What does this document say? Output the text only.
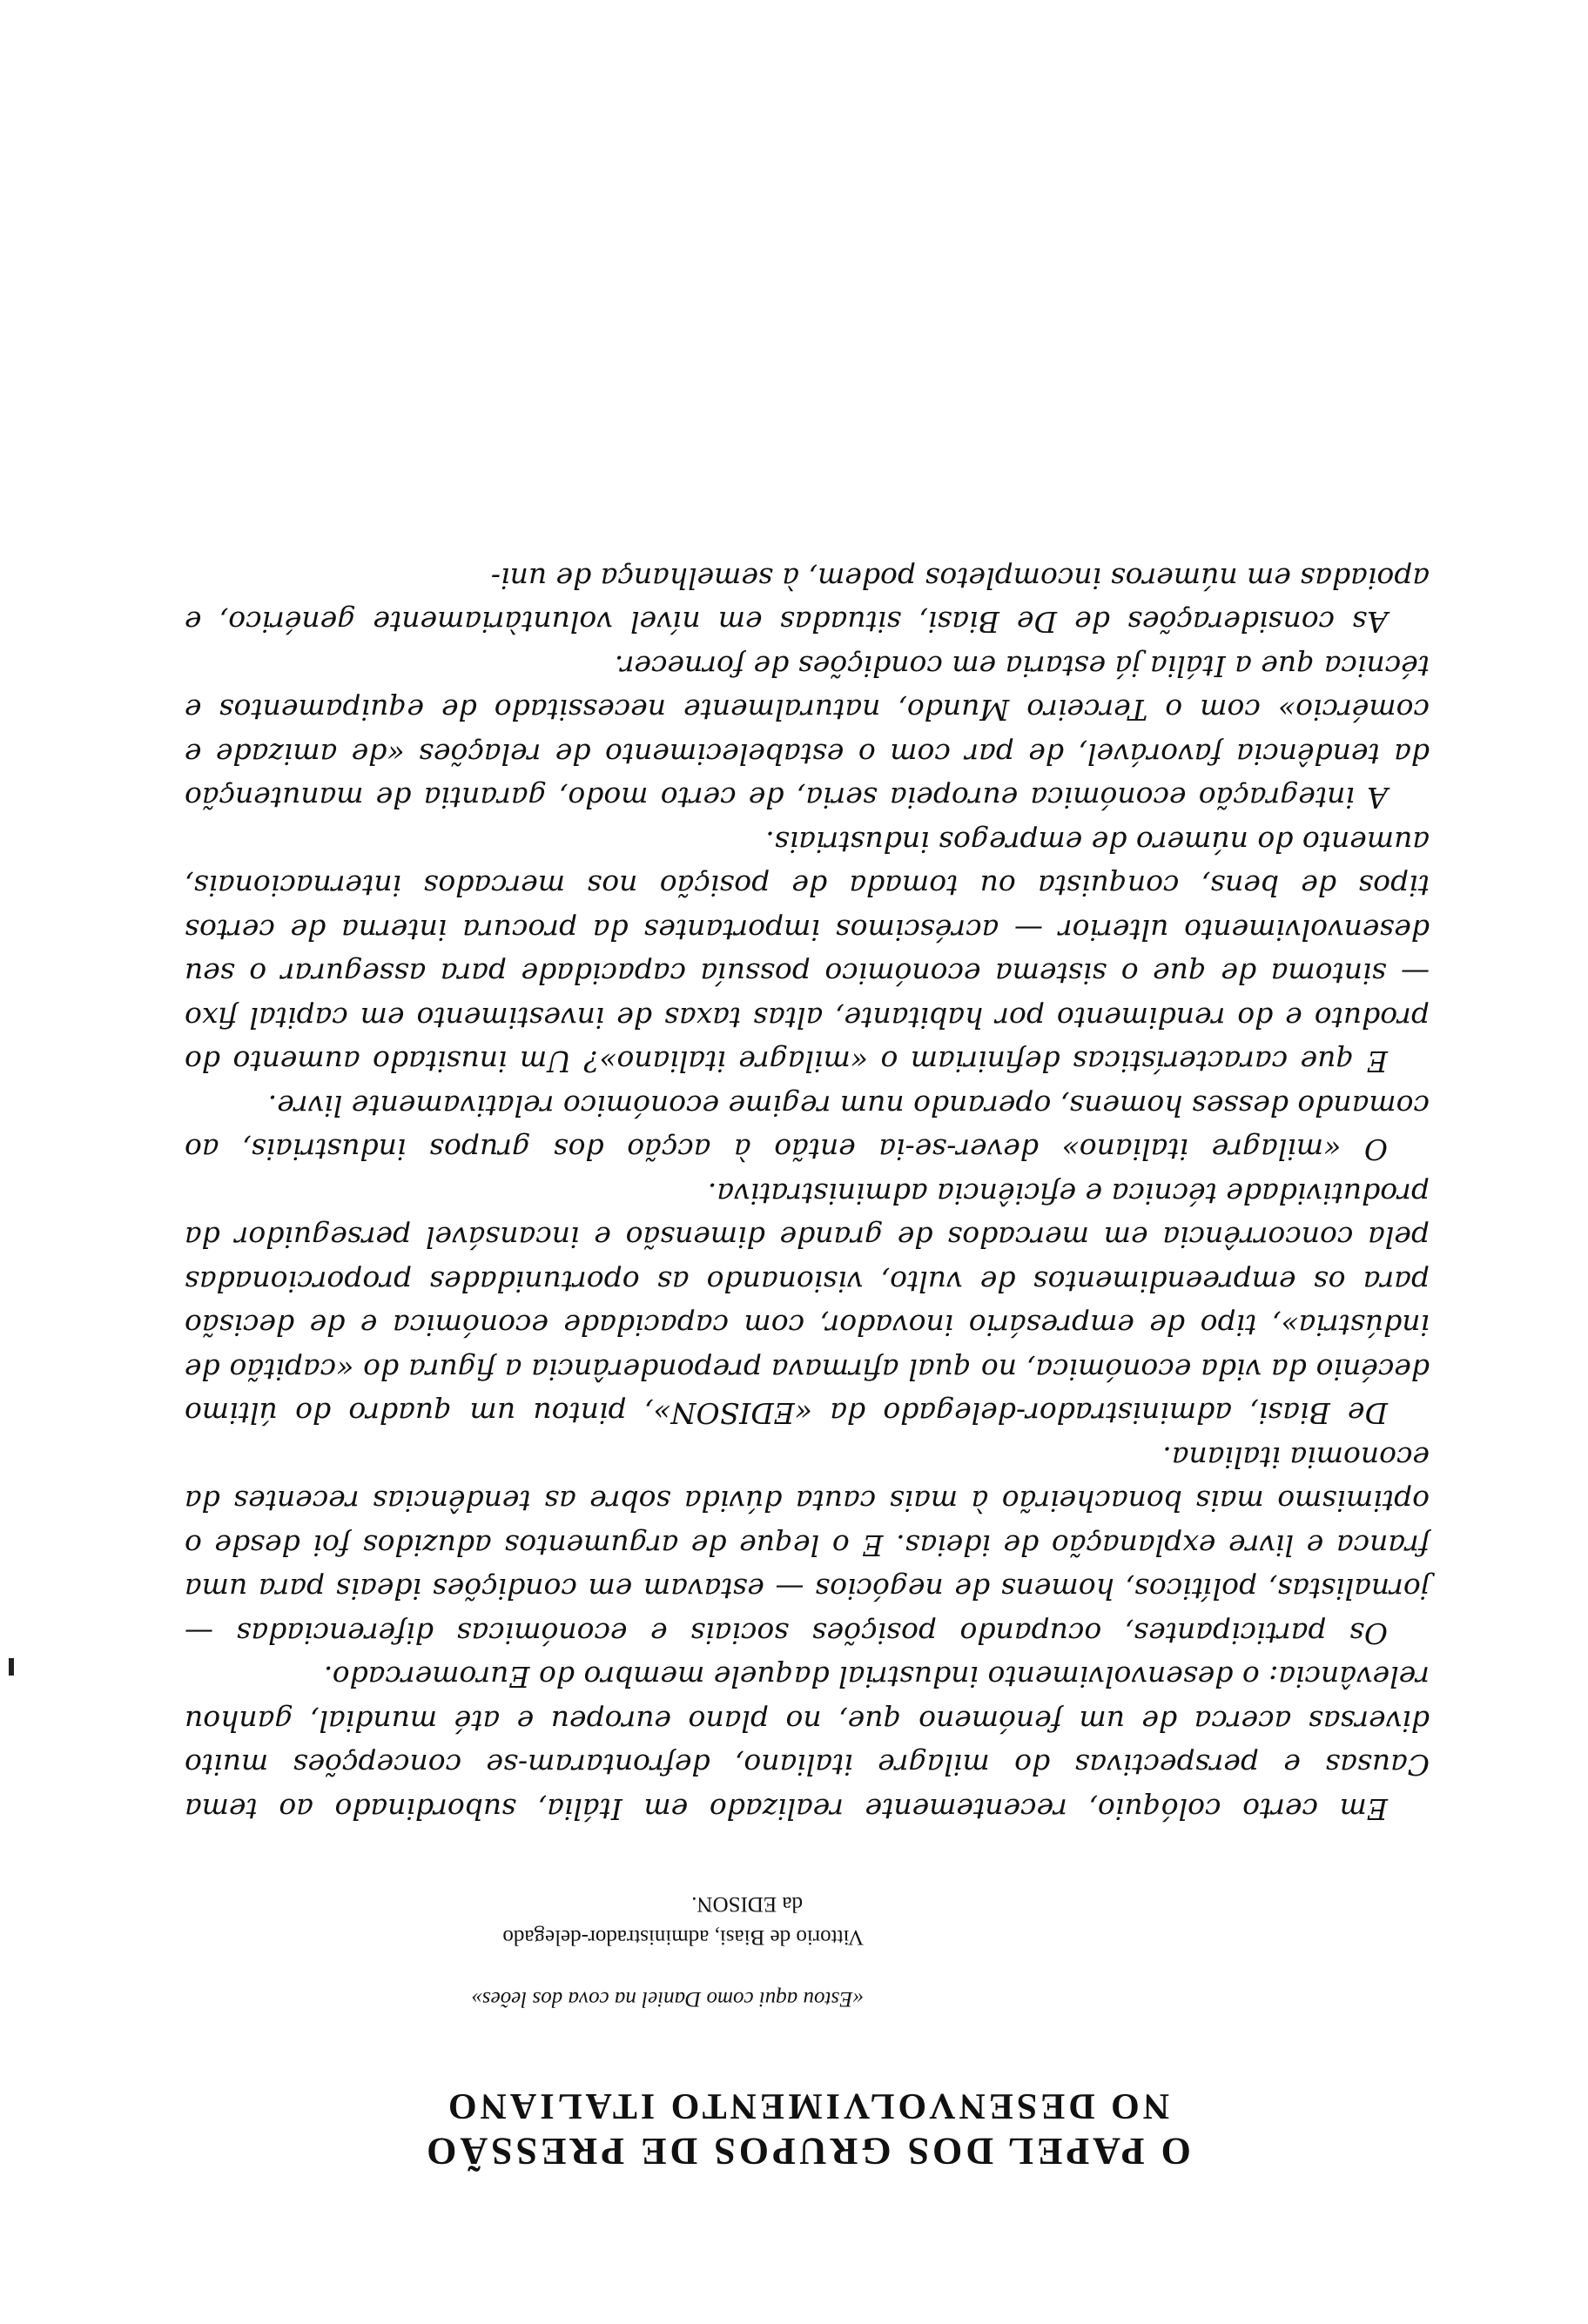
O PAPEL DOS GRUPOS DE PRESSÃO
NO DESENVOLVIMENTO ITALIANO

«Estou aqui como Daniel na cova dos leões»

Vittorio de Biasi, administrador-delegado
da EDISON.

Em certo colóquio, recentemente realizado em Itália, subordinado ao tema Causas e perspectivas do milagre italiano, defrontaram-se concepções muito diversas acerca de um fenómeno que, no plano europeu e até mundial, ganhou relevância: o desenvolvimento industrial daquele membro do Euromercado.

Os participantes, ocupando posições sociais e económicas diferenciadas — jornalistas, políticos, homens de negócios — estavam em condições ideais para uma franca e livre explanação de ideias. E o leque de argumentos aduzidos foi desde o optimismo mais bonacheirão à mais cauta dúvida sobre as tendências recentes da economia italiana.

De Biasi, administrador-delegado da «EDISON», pintou um quadro do último decénio da vida económica, no qual afirmava preponderância a figura do «capitão de indústria», tipo de empresário inovador, com capacidade económica e de decisão para os empreendimentos de vulto, visionando as oportunidades proporcionadas pela concorrência em mercados de grande dimensão e incansável perseguidor da produtividade técnica e eficiência administrativa.

O «milagre italiano» dever-se-ia então à acção dos grupos industriais, ao comando desses homens, operando num regime económico relativamente livre.

E que características definiriam o «milagre italiano»? Um inusitado aumento do produto e do rendimento por habitante, altas taxas de investimento em capital fixo — sintoma de que o sistema económico possuía capacidade para assegurar o seu desenvolvimento ulterior — acréscimos importantes da procura interna de certos tipos de bens, conquista ou tomada de posição nos mercados internacionais, aumento do número de empregos industriais.

A integração económica europeia seria, de certo modo, garantia de manutenção da tendência favorável, de par com o estabelecimento de relações «de amizade e comércio» com o Terceiro Mundo, naturalmente necessitado de equipamentos e técnica que a Itália já estaria em condições de fornecer.

As considerações de De Biasi, situadas em nível voluntàriamente genérico, e apoiadas em números incompletos podem, à semelhança de uni-
